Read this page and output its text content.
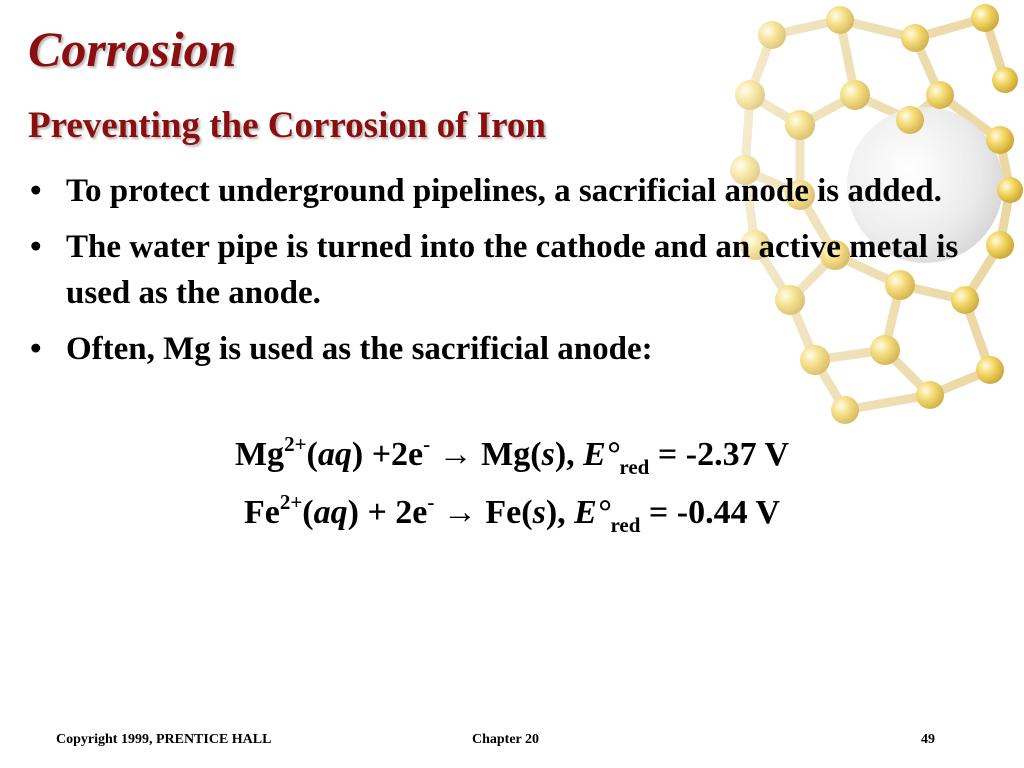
Corrosion
Preventing the Corrosion of Iron
• To protect underground pipelines, a sacrificial anode is added.
• The water pipe is turned into the cathode and an active metal is used as the anode.
• Often, Mg is used as the sacrificial anode:
$Mg^{2+}(aq) +2e^- \to Mg(s)$, $E^\circ_{red} = -2.37$ V
$Fe^{2+}(aq) + 2e^- \to Fe(s)$, $E^\circ_{red} = -0.44$ V
Copyright 1999, PRENTICE HALL	Chapter 20	49
